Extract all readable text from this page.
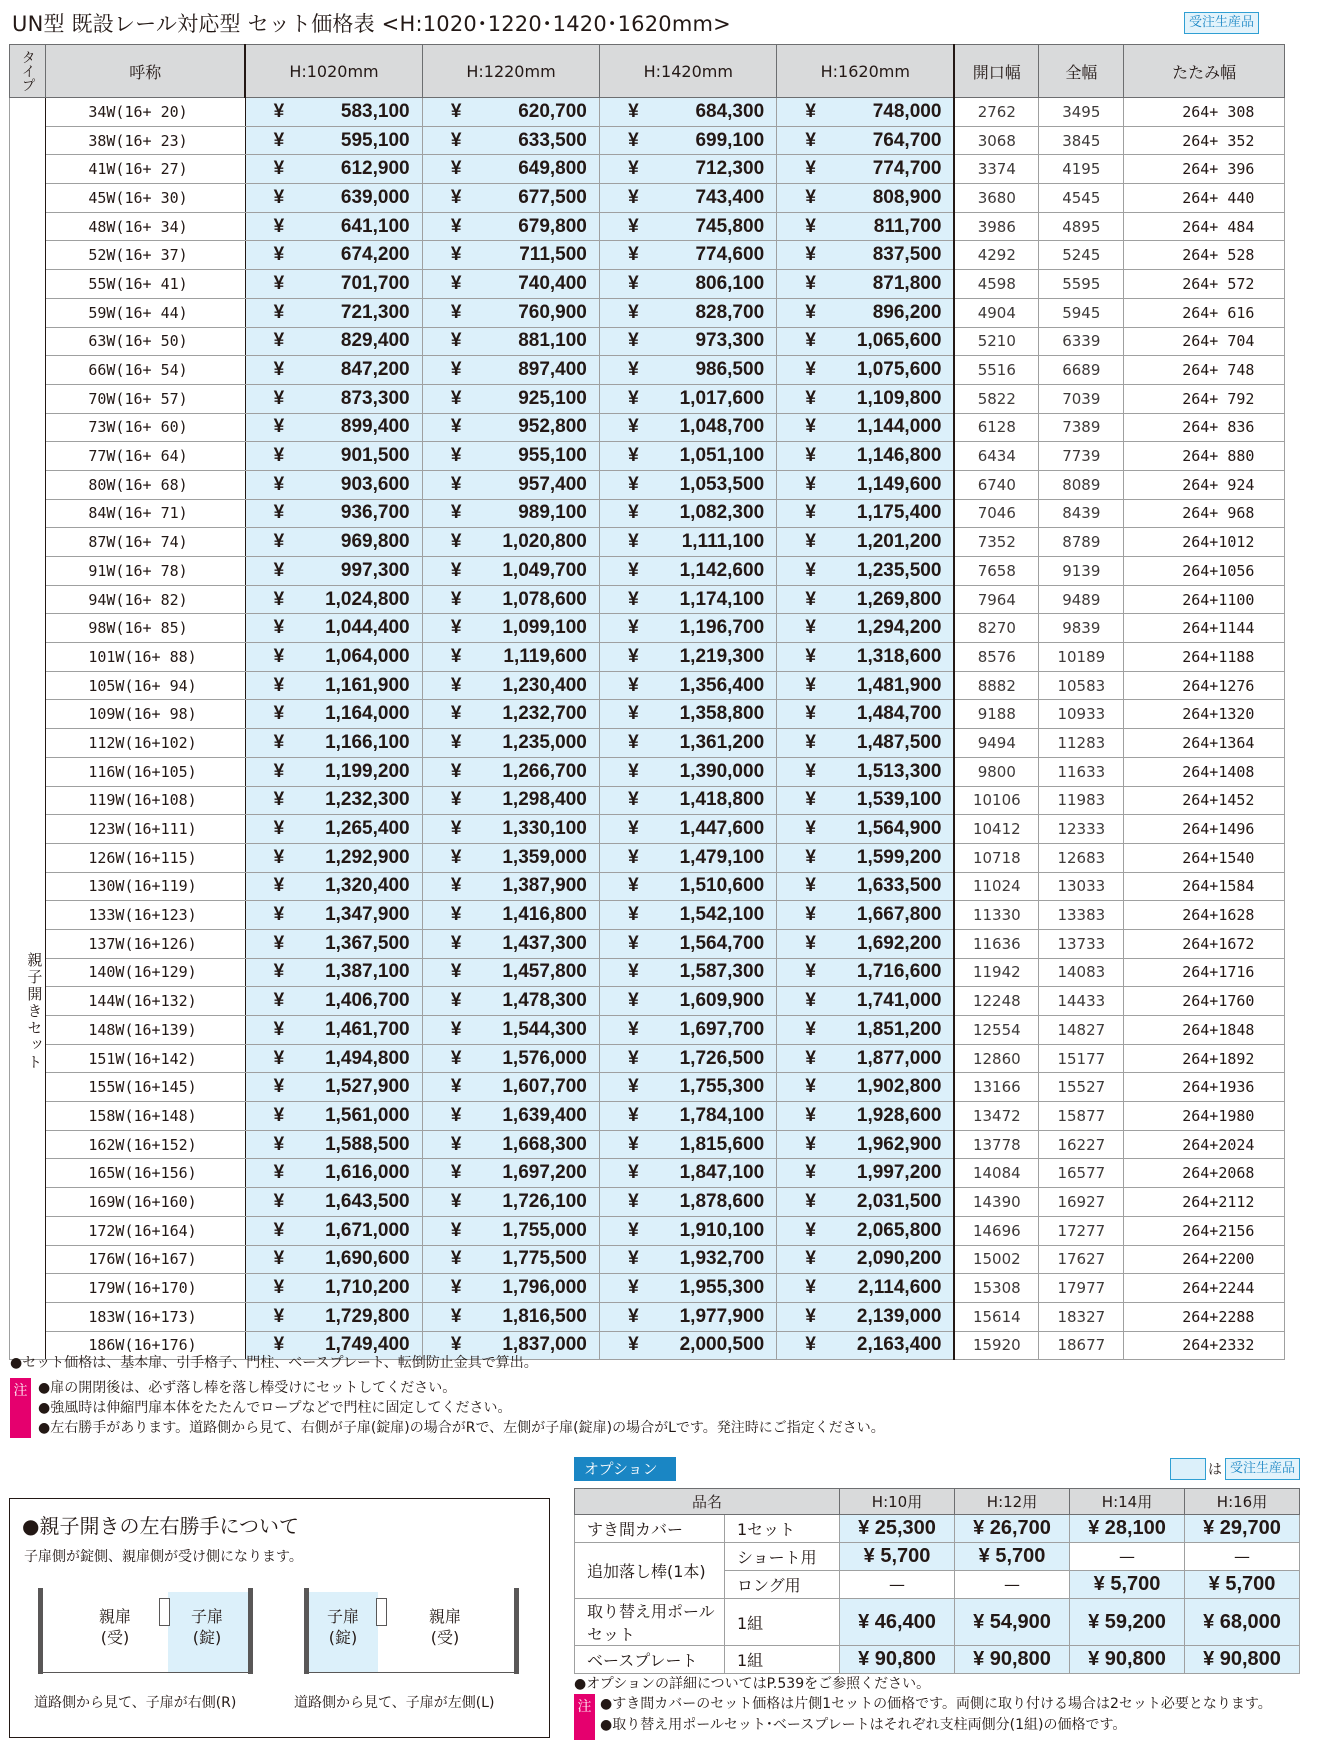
UN型 既設レール対応型 セット価格表 <H:1020･1220･1420･1620mm>	受注生産品
タイプ	呼称	H:1020mm	H:1220mm	H:1420mm	H:1620mm	開口幅	全幅	たたみ幅
親子開きセット	34W(16+ 20)	¥ 583,100	¥ 620,700	¥ 684,300	¥ 748,000	2762	3495	264+ 308
	38W(16+ 23)	¥ 595,100	¥ 633,500	¥ 699,100	¥ 764,700	3068	3845	264+ 352
	41W(16+ 27)	¥ 612,900	¥ 649,800	¥ 712,300	¥ 774,700	3374	4195	264+ 396
	45W(16+ 30)	¥ 639,000	¥ 677,500	¥ 743,400	¥ 808,900	3680	4545	264+ 440
	48W(16+ 34)	¥ 641,100	¥ 679,800	¥ 745,800	¥ 811,700	3986	4895	264+ 484
	52W(16+ 37)	¥ 674,200	¥ 711,500	¥ 774,600	¥ 837,500	4292	5245	264+ 528
	55W(16+ 41)	¥ 701,700	¥ 740,400	¥ 806,100	¥ 871,800	4598	5595	264+ 572
	59W(16+ 44)	¥ 721,300	¥ 760,900	¥ 828,700	¥ 896,200	4904	5945	264+ 616
	63W(16+ 50)	¥ 829,400	¥ 881,100	¥ 973,300	¥ 1,065,600	5210	6339	264+ 704
	66W(16+ 54)	¥ 847,200	¥ 897,400	¥ 986,500	¥ 1,075,600	5516	6689	264+ 748
	70W(16+ 57)	¥ 873,300	¥ 925,100	¥ 1,017,600	¥ 1,109,800	5822	7039	264+ 792
	73W(16+ 60)	¥ 899,400	¥ 952,800	¥ 1,048,700	¥ 1,144,000	6128	7389	264+ 836
	77W(16+ 64)	¥ 901,500	¥ 955,100	¥ 1,051,100	¥ 1,146,800	6434	7739	264+ 880
	80W(16+ 68)	¥ 903,600	¥ 957,400	¥ 1,053,500	¥ 1,149,600	6740	8089	264+ 924
	84W(16+ 71)	¥ 936,700	¥ 989,100	¥ 1,082,300	¥ 1,175,400	7046	8439	264+ 968
	87W(16+ 74)	¥ 969,800	¥ 1,020,800	¥ 1,111,100	¥ 1,201,200	7352	8789	264+1012
	91W(16+ 78)	¥ 997,300	¥ 1,049,700	¥ 1,142,600	¥ 1,235,500	7658	9139	264+1056
	94W(16+ 82)	¥ 1,024,800	¥ 1,078,600	¥ 1,174,100	¥ 1,269,800	7964	9489	264+1100
	98W(16+ 85)	¥ 1,044,400	¥ 1,099,100	¥ 1,196,700	¥ 1,294,200	8270	9839	264+1144
	101W(16+ 88)	¥ 1,064,000	¥ 1,119,600	¥ 1,219,300	¥ 1,318,600	8576	10189	264+1188
	105W(16+ 94)	¥ 1,161,900	¥ 1,230,400	¥ 1,356,400	¥ 1,481,900	8882	10583	264+1276
	109W(16+ 98)	¥ 1,164,000	¥ 1,232,700	¥ 1,358,800	¥ 1,484,700	9188	10933	264+1320
	112W(16+102)	¥ 1,166,100	¥ 1,235,000	¥ 1,361,200	¥ 1,487,500	9494	11283	264+1364
	116W(16+105)	¥ 1,199,200	¥ 1,266,700	¥ 1,390,000	¥ 1,513,300	9800	11633	264+1408
	119W(16+108)	¥ 1,232,300	¥ 1,298,400	¥ 1,418,800	¥ 1,539,100	10106	11983	264+1452
	123W(16+111)	¥ 1,265,400	¥ 1,330,100	¥ 1,447,600	¥ 1,564,900	10412	12333	264+1496
	126W(16+115)	¥ 1,292,900	¥ 1,359,000	¥ 1,479,100	¥ 1,599,200	10718	12683	264+1540
	130W(16+119)	¥ 1,320,400	¥ 1,387,900	¥ 1,510,600	¥ 1,633,500	11024	13033	264+1584
	133W(16+123)	¥ 1,347,900	¥ 1,416,800	¥ 1,542,100	¥ 1,667,800	11330	13383	264+1628
	137W(16+126)	¥ 1,367,500	¥ 1,437,300	¥ 1,564,700	¥ 1,692,200	11636	13733	264+1672
	140W(16+129)	¥ 1,387,100	¥ 1,457,800	¥ 1,587,300	¥ 1,716,600	11942	14083	264+1716
	144W(16+132)	¥ 1,406,700	¥ 1,478,300	¥ 1,609,900	¥ 1,741,000	12248	14433	264+1760
	148W(16+139)	¥ 1,461,700	¥ 1,544,300	¥ 1,697,700	¥ 1,851,200	12554	14827	264+1848
	151W(16+142)	¥ 1,494,800	¥ 1,576,000	¥ 1,726,500	¥ 1,877,000	12860	15177	264+1892
	155W(16+145)	¥ 1,527,900	¥ 1,607,700	¥ 1,755,300	¥ 1,902,800	13166	15527	264+1936
	158W(16+148)	¥ 1,561,000	¥ 1,639,400	¥ 1,784,100	¥ 1,928,600	13472	15877	264+1980
	162W(16+152)	¥ 1,588,500	¥ 1,668,300	¥ 1,815,600	¥ 1,962,900	13778	16227	264+2024
	165W(16+156)	¥ 1,616,000	¥ 1,697,200	¥ 1,847,100	¥ 1,997,200	14084	16577	264+2068
	169W(16+160)	¥ 1,643,500	¥ 1,726,100	¥ 1,878,600	¥ 2,031,500	14390	16927	264+2112
	172W(16+164)	¥ 1,671,000	¥ 1,755,000	¥ 1,910,100	¥ 2,065,800	14696	17277	264+2156
	176W(16+167)	¥ 1,690,600	¥ 1,775,500	¥ 1,932,700	¥ 2,090,200	15002	17627	264+2200
	179W(16+170)	¥ 1,710,200	¥ 1,796,000	¥ 1,955,300	¥ 2,114,600	15308	17977	264+2244
	183W(16+173)	¥ 1,729,800	¥ 1,816,500	¥ 1,977,900	¥ 2,139,000	15614	18327	264+2288
	186W(16+176)	¥ 1,749,400	¥ 1,837,000	¥ 2,000,500	¥ 2,163,400	15920	18677	264+2332
●セット価格は、基本扉、引手格子、門柱、ベースプレート、転倒防止金具で算出。
注 ●扉の開閉後は、必ず落し棒を落し棒受けにセットしてください。
●強風時は伸縮門扉本体をたたんでロープなどで門柱に固定してください。
●左右勝手があります。道路側から見て、右側が子扉(錠扉)の場合がRで、左側が子扉(錠扉)の場合がLです。発注時にご指定ください。
オプション	は 受注生産品
品名		H:10用	H:12用	H:14用	H:16用
すき間カバー	1セット	¥ 25,300	¥ 26,700	¥ 28,100	¥ 29,700
追加落し棒(1本)	ショート用	¥ 5,700	¥ 5,700	—	—
	ロング用	—	—	¥ 5,700	¥ 5,700
取り替え用ポールセット	1組	¥ 46,400	¥ 54,900	¥ 59,200	¥ 68,000
ベースプレート	1組	¥ 90,800	¥ 90,800	¥ 90,800	¥ 90,800
●オプションの詳細についてはP.539をご参照ください。
注 ●すき間カバーのセット価格は片側1セットの価格です。両側に取り付ける場合は2セット必要となります。
●取り替え用ポールセット･ベースプレートはそれぞれ支柱両側分(1組)の価格です。
●親子開きの左右勝手について
子扉側が錠側、親扉側が受け側になります。
親扉
(受)
子扉
(錠)
道路側から見て、子扉が右側(R)
子扉
(錠)
親扉
(受)
道路側から見て、子扉が左側(L)
